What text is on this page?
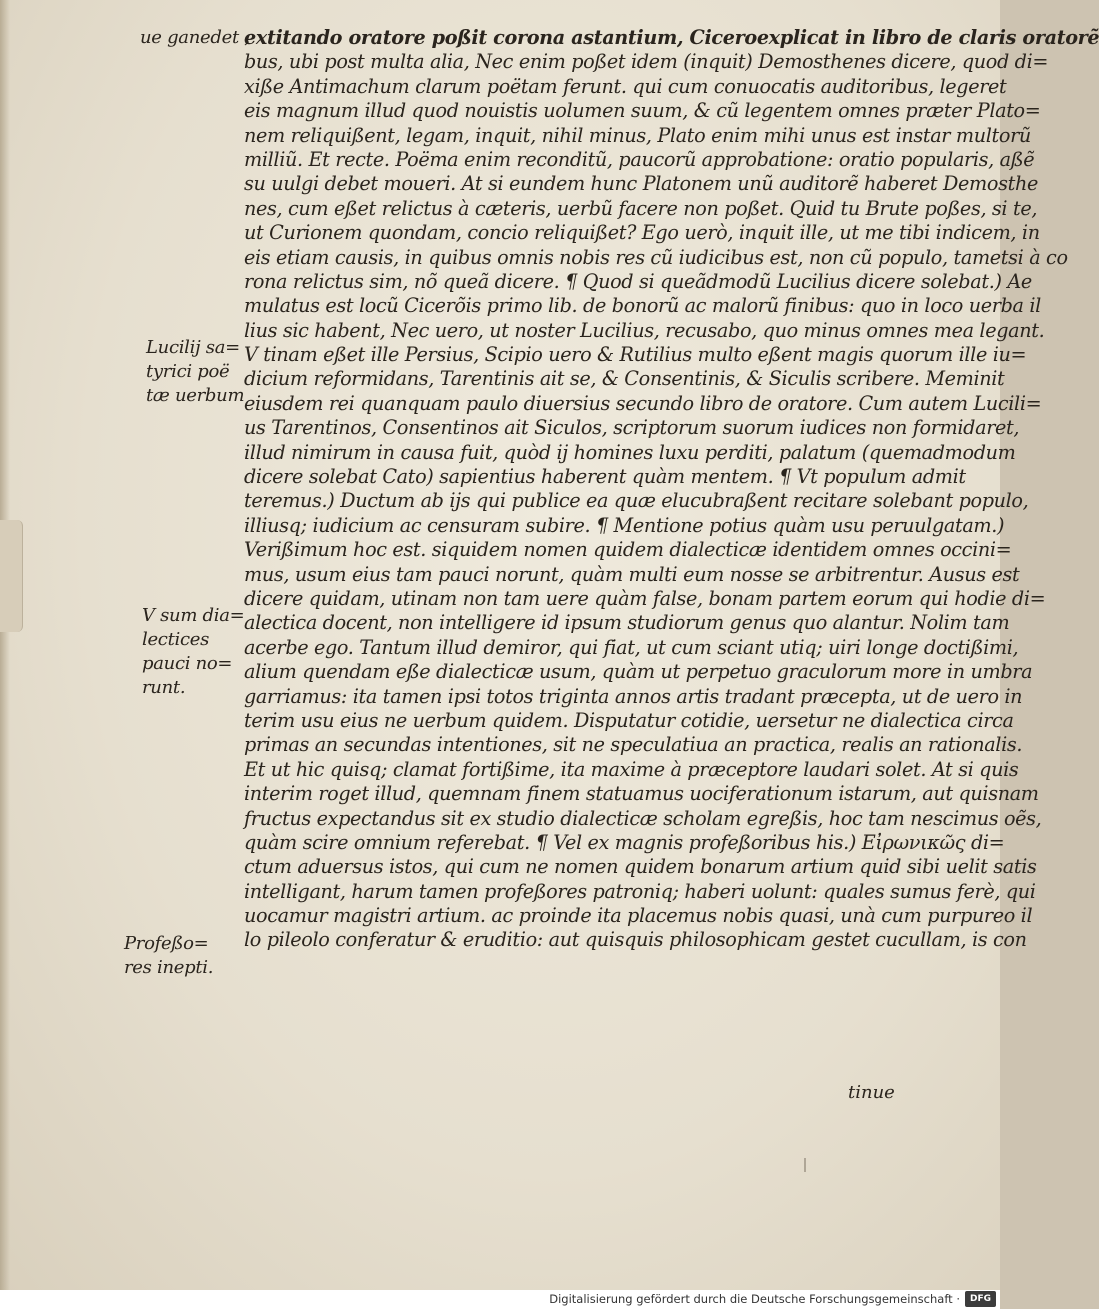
ue ganedet ,
Lucilij sa=
tyrici poë
tæ uerbum
V sum dia=
lectices
pauci no=
runt.
Profeßo=
res inepti.
extitando oratore poßit corona astantium, Ciceroexplicat in libro de claris oratorẽ
bus, ubi post multa alia, Nec enim poßet idem (inquit) Demosthenes dicere, quod di=
xiße Antimachum clarum poëtam ferunt. qui cum conuocatis auditoribus, legeret
eis magnum illud quod nouistis uolumen suum, & cũ legentem omnes præter Plato=
nem reliquißent, legam, inquit, nihil minus, Plato enim mihi unus est instar multorũ
milliũ. Et recte. Poëma enim reconditũ, paucorũ approbatione: oratio popularis, aßẽ
su uulgi debet moueri. At si eundem hunc Platonem unũ auditorẽ haberet Demosthe
nes, cum eßet relictus à cæteris, uerbũ facere non poßet. Quid tu Brute poßes, si te,
ut Curionem quondam, concio reliquißet? Ego uerò, inquit ille, ut me tibi indicem, in
eis etiam causis, in quibus omnis nobis res cũ iudicibus est, non cũ populo, tametsi à co
rona relictus sim, nõ queã dicere. ¶ Quod si queãdmodũ Lucilius dicere solebat.) Ae
mulatus est locũ Cicerõis primo lib. de bonorũ ac malorũ finibus: quo in loco uerba il
lius sic habent, Nec uero, ut noster Lucilius, recusabo, quo minus omnes mea legant.
V tinam eßet ille Persius, Scipio uero & Rutilius multo eßent magis quorum ille iu=
dicium reformidans, Tarentinis ait se, & Consentinis, & Siculis scribere. Meminit
eiusdem rei quanquam paulo diuersius secundo libro de oratore. Cum autem Lucili=
us Tarentinos, Consentinos ait Siculos, scriptorum suorum iudices non formidaret,
illud nimirum in causa fuit, quòd ij homines luxu perditi, palatum (quemadmodum
dicere solebat Cato) sapientius haberent quàm mentem. ¶ Vt populum admit
teremus.) Ductum ab ijs qui publice ea quæ elucubraßent recitare solebant populo,
illiusq; iudicium ac censuram subire. ¶ Mentione potius quàm usu peruulgatam.)
Verißimum hoc est. siquidem nomen quidem dialecticæ identidem omnes occini=
mus, usum eius tam pauci norunt, quàm multi eum nosse se arbitrentur. Ausus est
dicere quidam, utinam non tam uere quàm false, bonam partem eorum qui hodie di=
alectica docent, non intelligere id ipsum studiorum genus quo alantur. Nolim tam
acerbe ego. Tantum illud demiror, qui fiat, ut cum sciant utiq; uiri longe doctißimi,
alium quendam eße dialecticæ usum, quàm ut perpetuo graculorum more in umbra
garriamus: ita tamen ipsi totos triginta annos artis tradant præcepta, ut de uero in
terim usu eius ne uerbum quidem. Disputatur cotidie, uersetur ne dialectica circa
primas an secundas intentiones, sit ne speculatiua an practica, realis an rationalis.
Et ut hic quisq; clamat fortißime, ita maxime à præceptore laudari solet. At si quis
interim roget illud, quemnam finem statuamus uociferationum istarum, aut quisnam
fructus expectandus sit ex studio dialecticæ scholam egreßis, hoc tam nescimus oẽs,
quàm scire omnium referebat. ¶ Vel ex magnis profeßoribus his.) Εἰρωνικῶς di=
ctum aduersus istos, qui cum ne nomen quidem bonarum artium quid sibi uelit satis
intelligant, harum tamen profeßores patroniq; haberi uolunt: quales sumus ferè, qui
uocamur magistri artium. ac proinde ita placemus nobis quasi, unà cum purpureo il
lo pileolo conferatur & eruditio: aut quisquis philosophicam gestet cucullam, is con
tinue
Digitalisierung gefördert durch die Deutsche Forschungsgemeinschaft ·	DFG
